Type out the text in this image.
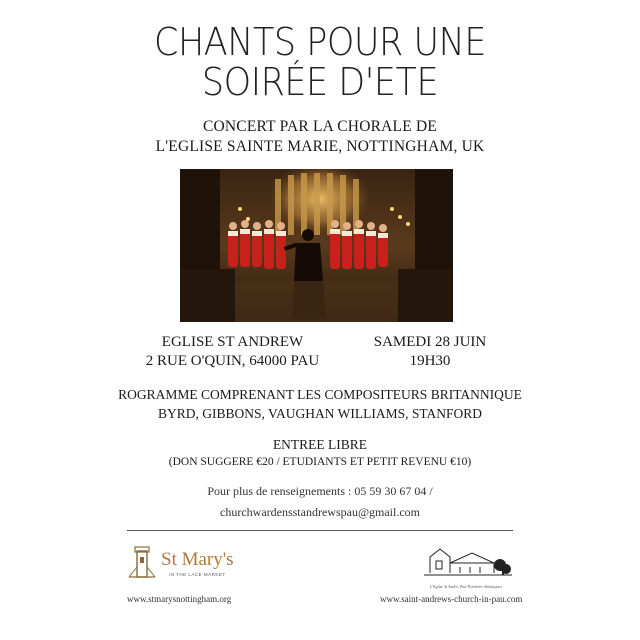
CHANTS POUR UNE
SOIRÉE D'ETE
CONCERT PAR LA CHORALE DE
L'EGLISE SAINTE MARIE, NOTTINGHAM, UK
EGLISE ST ANDREW
2 RUE O'QUIN, 64000 PAU
SAMEDI 28 JUIN
19H30
ROGRAMME COMPRENANT LES COMPOSITEURS BRITANNIQUE
BYRD, GIBBONS, VAUGHAN WILLIAMS, STANFORD
ENTREE LIBRE
(DON SUGGERE €20 / ETUDIANTS ET PETIT REVENU €10)
Pour plus de renseignements : 05 59 30 67 04 /
churchwardensstandrewspau@gmail.com
St Mary's
IN THE LACE MARKET
www.stmarysnottingham.org
L'Eglise St André, Pau-Pyrénées-Atlantiques
www.saint-andrews-church-in-pau.com
